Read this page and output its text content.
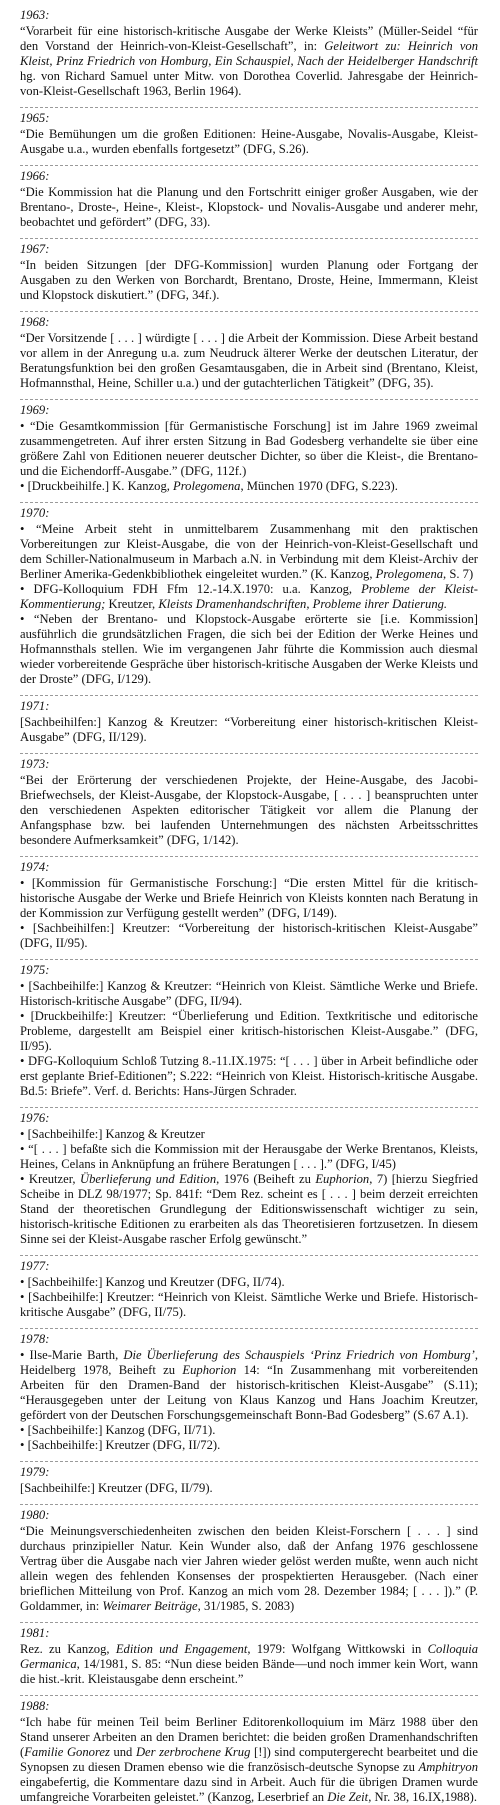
1963:
“Vorarbeit für eine historisch-kritische Ausgabe der Werke Kleists” (Müller-Seidel “für den Vorstand der Heinrich-von-Kleist-Gesellschaft”, in: Geleitwort zu: Heinrich von Kleist, Prinz Friedrich von Homburg, Ein Schauspiel, Nach der Heidelberger Handschrift hg. von Richard Samuel unter Mitw. von Dorothea Coverlid. Jahresgabe der Heinrich-von-Kleist-Gesellschaft 1963, Berlin 1964).
1965:
“Die Bemühungen um die großen Editionen: Heine-Ausgabe, Novalis-Ausgabe, Kleist-Ausgabe u.a., wurden ebenfalls fortgesetzt” (DFG, S.26).
1966:
“Die Kommission hat die Planung und den Fortschritt einiger großer Ausgaben, wie der Brentano-, Droste-, Heine-, Kleist-, Klopstock- und Novalis-Ausgabe und anderer mehr, beobachtet und gefördert” (DFG, 33).
1967:
“In beiden Sitzungen [der DFG-Kommission] wurden Planung oder Fortgang der Ausgaben zu den Werken von Borchardt, Brentano, Droste, Heine, Immermann, Kleist und Klopstock diskutiert.” (DFG, 34f.).
1968:
“Der Vorsitzende [ . . . ] würdigte [ . . . ] die Arbeit der Kommission. Diese Arbeit bestand vor allem in der Anregung u.a. zum Neudruck älterer Werke der deutschen Literatur, der Beratungsfunktion bei den großen Gesamtausgaben, die in Arbeit sind (Brentano, Kleist, Hofmannsthal, Heine, Schiller u.a.) und der gutachterlichen Tätigkeit” (DFG, 35).
1969:
• “Die Gesamtkommission [für Germanistische Forschung] ist im Jahre 1969 zweimal zusammengetreten. Auf ihrer ersten Sitzung in Bad Godesberg verhandelte sie über eine größere Zahl von Editionen neuerer deutscher Dichter, so über die Kleist-, die Brentano- und die Eichendorff-Ausgabe.” (DFG, 112f.)
• [Druckbeihilfe.] K. Kanzog, Prolegomena, München 1970 (DFG, S.223).
1970:
• “Meine Arbeit steht in unmittelbarem Zusammenhang mit den praktischen Vorbereitungen zur Kleist-Ausgabe, die von der Heinrich-von-Kleist-Gesellschaft und dem Schiller-Nationalmuseum in Marbach a.N. in Verbindung mit dem Kleist-Archiv der Berliner Amerika-Gedenkbibliothek eingeleitet wurden.” (K. Kanzog, Prolegomena, S. 7)
• DFG-Kolloquium FDH Ffm 12.-14.X.1970: u.a. Kanzog, Probleme der Kleist-Kommentierung; Kreutzer, Kleists Dramenhandschriften, Probleme ihrer Datierung.
• “Neben der Brentano- und Klopstock-Ausgabe erörterte sie [i.e. Kommission] ausführlich die grundsätzlichen Fragen, die sich bei der Edition der Werke Heines und Hofmannsthals stellen. Wie im vergangenen Jahr führte die Kommission auch diesmal wieder vorbereitende Gespräche über historisch-kritische Ausgaben der Werke Kleists und der Droste” (DFG, I/129).
1971:
[Sachbeihilfen:] Kanzog & Kreutzer: “Vorbereitung einer historisch-kritischen Kleist-Ausgabe” (DFG, II/129).
1973:
“Bei der Erörterung der verschiedenen Projekte, der Heine-Ausgabe, des Jacobi-Briefwechsels, der Kleist-Ausgabe, der Klopstock-Ausgabe, [ . . . ] beanspruchten unter den verschiedenen Aspekten editorischer Tätigkeit vor allem die Planung der Anfangsphase bzw. bei laufenden Unternehmungen des nächsten Arbeitsschrittes besondere Aufmerksamkeit” (DFG, 1/142).
1974:
• [Kommission für Germanistische Forschung:] “Die ersten Mittel für die kritisch-historische Ausgabe der Werke und Briefe Heinrich von Kleists konnten nach Beratung in der Kommission zur Verfügung gestellt werden” (DFG, I/149).
• [Sachbeihilfen:] Kreutzer: “Vorbereitung der historisch-kritischen Kleist-Ausgabe” (DFG, II/95).
1975:
• [Sachbeihilfe:] Kanzog & Kreutzer: “Heinrich von Kleist. Sämtliche Werke und Briefe. Historisch-kritische Ausgabe” (DFG, II/94).
• [Druckbeihilfe:] Kreutzer: “Überlieferung und Edition. Textkritische und editorische Probleme, dargestellt am Beispiel einer kritisch-historischen Kleist-Ausgabe.” (DFG, II/95).
• DFG-Kolloquium Schloß Tutzing 8.-11.IX.1975: “[ . . . ] über in Arbeit befindliche oder erst geplante Brief-Editionen”; S.222: “Heinrich von Kleist. Historisch-kritische Ausgabe. Bd.5: Briefe”. Verf. d. Berichts: Hans-Jürgen Schrader.
1976:
• [Sachbeihilfe:] Kanzog & Kreutzer
• “[ . . . ] befaßte sich die Kommission mit der Herausgabe der Werke Brentanos, Kleists, Heines, Celans in Anknüpfung an frühere Beratungen [ . . . ].” (DFG, I/45)
• Kreutzer, Überlieferung und Edition, 1976 (Beiheft zu Euphorion, 7) [hierzu Siegfried Scheibe in DLZ 98/1977; Sp. 841f: “Dem Rez. scheint es [ . . . ] beim derzeit erreichten Stand der theoretischen Grundlegung der Editionswissenschaft wichtiger zu sein, historisch-kritische Editionen zu erarbeiten als das Theoretisieren fortzusetzen. In diesem Sinne sei der Kleist-Ausgabe rascher Erfolg gewünscht.”
1977:
• [Sachbeihilfe:] Kanzog und Kreutzer (DFG, II/74).
• [Sachbeihilfe:] Kreutzer: “Heinrich von Kleist. Sämtliche Werke und Briefe. Historisch-kritische Ausgabe” (DFG, II/75).
1978:
• Ilse-Marie Barth, Die Überlieferung des Schauspiels ‘Prinz Friedrich von Homburg’, Heidelberg 1978, Beiheft zu Euphorion 14: “In Zusammenhang mit vorbereitenden Arbeiten für den Dramen-Band der historisch-kritischen Kleist-Ausgabe” (S.11); “Herausgegeben unter der Leitung von Klaus Kanzog und Hans Joachim Kreutzer, gefördert von der Deutschen Forschungsgemeinschaft Bonn-Bad Godesberg” (S.67 A.1).
• [Sachbeihilfe:] Kanzog (DFG, II/71).
• [Sachbeihilfe:] Kreutzer (DFG, II/72).
1979:
[Sachbeihilfe:] Kreutzer (DFG, II/79).
1980:
“Die Meinungsverschiedenheiten zwischen den beiden Kleist-Forschern [ . . . ] sind durchaus prinzipieller Natur. Kein Wunder also, daß der Anfang 1976 geschlossene Vertrag über die Ausgabe nach vier Jahren wieder gelöst werden mußte, wenn auch nicht allein wegen des fehlenden Konsenses der prospektierten Herausgeber. (Nach einer brieflichen Mitteilung von Prof. Kanzog an mich vom 28. Dezember 1984; [ . . . ]).” (P. Goldammer, in: Weimarer Beiträge, 31/1985, S. 2083)
1981:
Rez. zu Kanzog, Edition und Engagement, 1979: Wolfgang Wittkowski in Colloquia Germanica, 14/1981, S. 85: “Nun diese beiden Bände—und noch immer kein Wort, wann die hist.-krit. Kleistausgabe denn erscheint.”
1988:
“Ich habe für meinen Teil beim Berliner Editorenkolloquium im März 1988 über den Stand unserer Arbeiten an den Dramen berichtet: die beiden großen Dramenhandschriften (Familie Gonorez und Der zerbrochene Krug [!]) sind computergerecht bearbeitet und die Synopsen zu diesen Dramen ebenso wie die französisch-deutsche Synopse zu Amphitryon eingabefertig, die Kommentare dazu sind in Arbeit. Auch für die übrigen Dramen wurde umfangreiche Vorarbeiten geleistet.” (Kanzog, Leserbrief an Die Zeit, Nr. 38, 16.IX,1988).
